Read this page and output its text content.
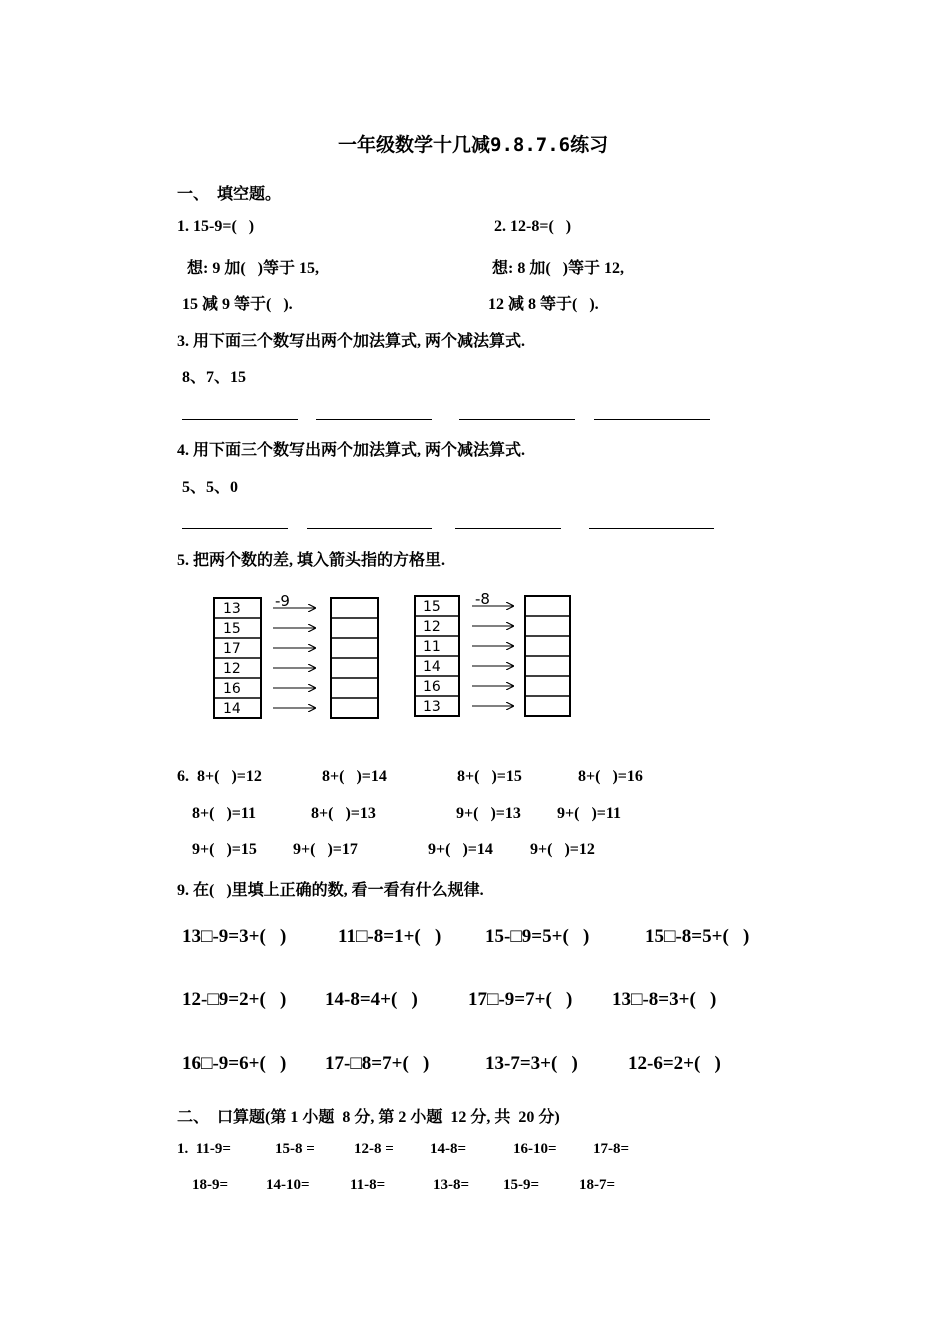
一年级数学十几减9.8.7.6练习
一、  填空题。
1. 15-9=(   )	2. 12-8=(   )
想: 9 加(   )等于 15,	想: 8 加(   )等于 12,
15 减 9 等于(   ).	12 减 8 等于(   ).
3. 用下面三个数写出两个加法算式, 两个减法算式.
8、7、15
4. 用下面三个数写出两个加法算式, 两个减法算式.
5、5、0
5. 把两个数的差, 填入箭头指的方格里.
-9
13
15
17
12
16
14
-8
15
12
11
14
16
13
6.  8+(   )=12	8+(   )=14	8+(   )=15	8+(   )=16
8+(   )=11	8+(   )=13	9+(   )=13 9+(   )=11
9+(   )=15 9+(   )=17	9+(   )=14 9+(   )=12
9. 在(   )里填上正确的数, 看一看有什么规律.
13□-9=3+(   )	11□-8=1+(   ) 15-□9=5+(   )	15□-8=5+(   )
12-□9=2+(   ) 14-8=4+(   )	17□-9=7+(   ) 13□-8=3+(   )
16□-9=6+(   ) 17-□8=7+(   )	13-7=3+(   )	12-6=2+(   )
二、  口算题(第 1 小题  8 分, 第 2 小题  12 分, 共  20 分)
1.  11-9=	15-8 =	12-8 = 14-8=	16-10= 17-8=
18-9=	14-10=	11-8=	13-8= 15-9=	18-7=
